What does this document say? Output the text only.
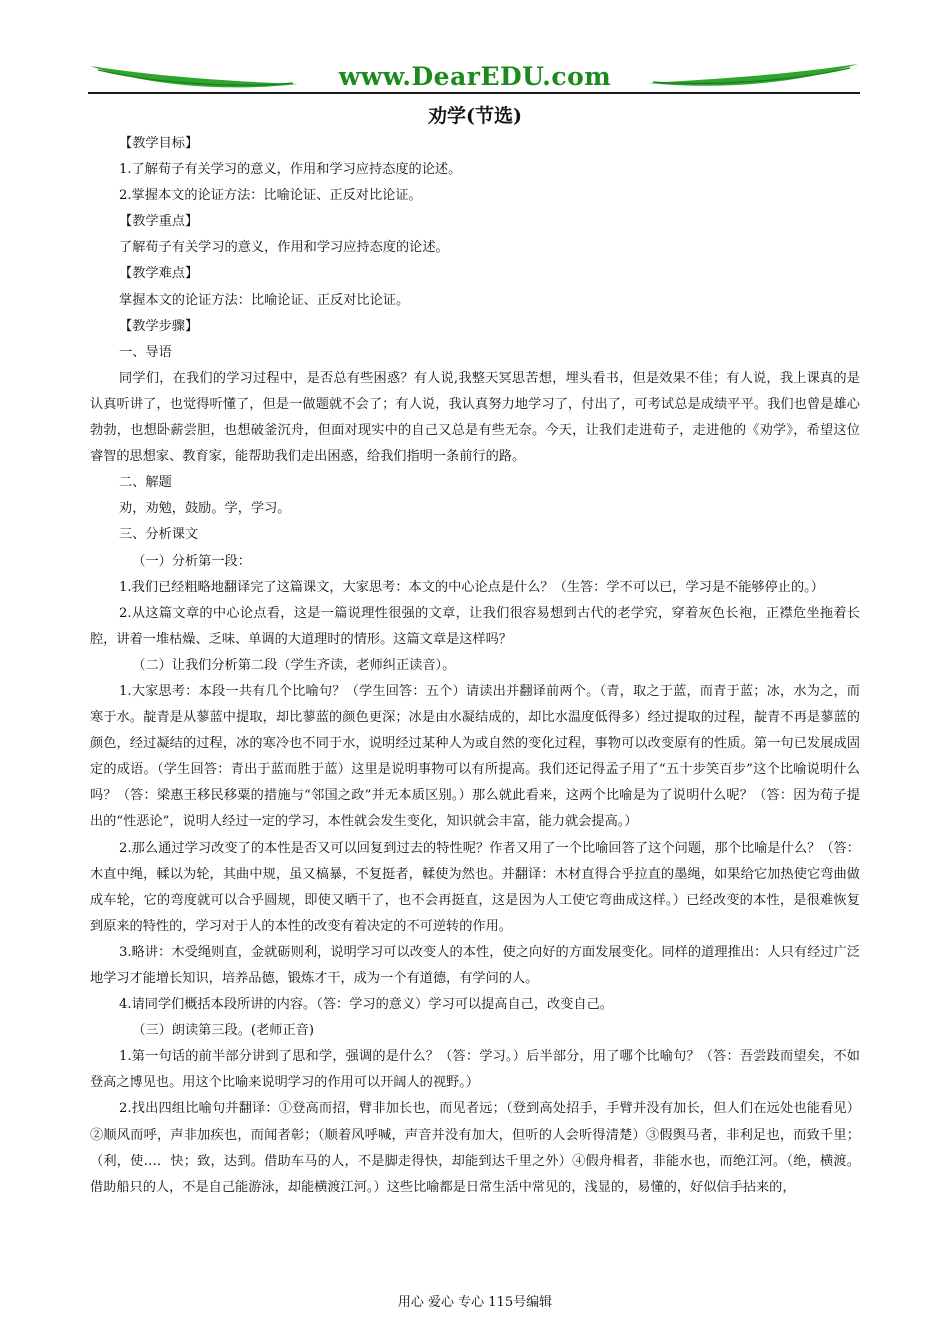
www.DearEDU.com
劝学(节选)

【教学目标】

1.了解荀子有关学习的意义，作用和学习应持态度的论述。

2.掌握本文的论证方法：比喻论证、正反对比论证。

【教学重点】

了解荀子有关学习的意义，作用和学习应持态度的论述。

【教学难点】

掌握本文的论证方法：比喻论证、正反对比论证。

【教学步骤】

一、导语

同学们，在我们的学习过程中，是否总有些困惑？有人说,我整天冥思苦想，埋头看书，但是效果不佳；有人说，我上课真的是认真听讲了，也觉得听懂了，但是一做题就不会了；有人说，我认真努力地学习了，付出了，可考试总是成绩平平。我们也曾是雄心勃勃，也想卧薪尝胆，也想破釜沉舟，但面对现实中的自己又总是有些无奈。今天，让我们走进荀子，走进他的《劝学》，希望这位睿智的思想家、教育家，能帮助我们走出困惑，给我们指明一条前行的路。

二、解题

劝，劝勉，鼓励。学，学习。

三、分析课文

（一）分析第一段：

1.我们已经粗略地翻译完了这篇课文，大家思考：本文的中心论点是什么？（生答：学不可以已，学习是不能够停止的。）

2.从这篇文章的中心论点看，这是一篇说理性很强的文章，让我们很容易想到古代的老学究，穿着灰色长袍，正襟危坐拖着长腔，讲着一堆枯燥、乏味、单调的大道理时的情形。这篇文章是这样吗？

（二）让我们分析第二段（学生齐读，老师纠正读音）。

1.大家思考：本段一共有几个比喻句？（学生回答：五个）请读出并翻译前两个。（青，取之于蓝，而青于蓝；冰，水为之，而寒于水。靛青是从蓼蓝中提取，却比蓼蓝的颜色更深；冰是由水凝结成的，却比水温度低得多）经过提取的过程，靛青不再是蓼蓝的颜色，经过凝结的过程，冰的寒冷也不同于水，说明经过某种人为或自然的变化过程，事物可以改变原有的性质。第一句已发展成固定的成语。（学生回答：青出于蓝而胜于蓝）这里是说明事物可以有所提高。我们还记得孟子用了“五十步笑百步”这个比喻说明什么吗？（答：梁惠王移民移粟的措施与“邻国之政”并无本质区别。）那么就此看来，这两个比喻是为了说明什么呢？（答：因为荀子提出的“性恶论”，说明人经过一定的学习，本性就会发生变化，知识就会丰富，能力就会提高。）

2.那么通过学习改变了的本性是否又可以回复到过去的特性呢？作者又用了一个比喻回答了这个问题，那个比喻是什么？（答：木直中绳，輮以为轮，其曲中规，虽又槁暴，不复挺者，輮使为然也。并翻译：木材直得合乎拉直的墨绳，如果给它加热使它弯曲做成车轮，它的弯度就可以合乎圆规，即使又晒干了，也不会再挺直，这是因为人工使它弯曲成这样。）已经改变的本性，是很难恢复到原来的特性的，学习对于人的本性的改变有着决定的不可逆转的作用。

3.略讲：木受绳则直，金就砺则利，说明学习可以改变人的本性，使之向好的方面发展变化。同样的道理推出：人只有经过广泛地学习才能增长知识，培养品德，锻炼才干，成为一个有道德，有学问的人。

4.请同学们概括本段所讲的内容。（答：学习的意义）学习可以提高自己，改变自己。

（三）朗读第三段。(老师正音)

1.第一句话的前半部分讲到了思和学，强调的是什么？（答：学习。）后半部分，用了哪个比喻句？（答：吾尝跂而望矣，不如登高之博见也。用这个比喻来说明学习的作用可以开阔人的视野。）

2.找出四组比喻句并翻译：①登高而招，臂非加长也，而见者远；（登到高处招手，手臂并没有加长，但人们在远处也能看见）②顺风而呼，声非加疾也，而闻者彰；（顺着风呼喊，声音并没有加大，但听的人会听得清楚）③假舆马者，非利足也，而致千里；（利，使…．快；致，达到。借助车马的人，不是脚走得快，却能到达千里之外）④假舟楫者，非能水也，而绝江河。（绝，横渡。借助船只的人，不是自己能游泳，却能横渡江河。）这些比喻都是日常生活中常见的，浅显的，易懂的，好似信手拈来的，

用心 爱心 专心 115号编辑
